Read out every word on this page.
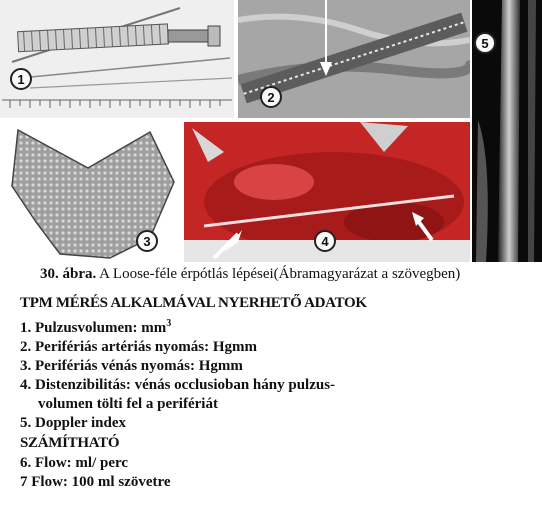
1
2
5
3	4
30. ábra. A Loose-féle érpótlás lépései(Ábramagyarázat a szövegben)
TPM MÉRÉS ALKALMÁVAL NYERHETŐ ADATOK
1. Pulzusvolumen: $mm^3$
2. Perifériás artériás nyomás: Hgmm
3. Perifériás vénás nyomás: Hgmm
4. Distenzibilitás: vénás occlusioban hány pulzus-
volumen tölti fel a perifériát
5. Doppler index
SZÁMÍTHATÓ
6. Flow: ml/ perc
7 Flow: 100 ml szövetre
